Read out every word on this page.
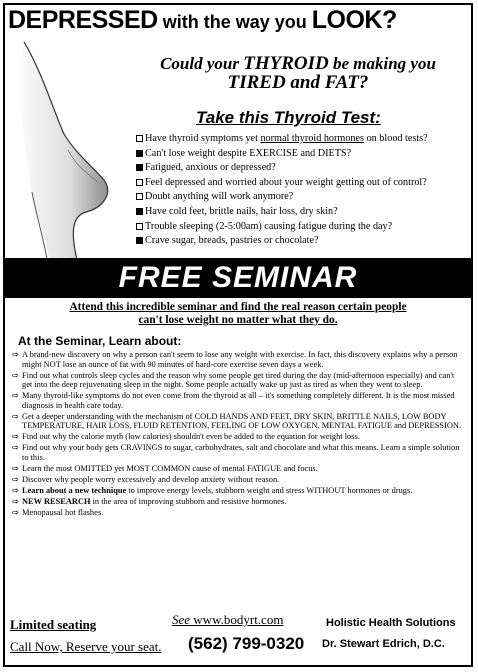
DEPRESSED with the way you LOOK?
Could your THYROID be making you
TIRED and FAT?
Take this Thyroid Test:
Have thyroid symptoms yet normal thyroid hormones on blood tests?
Can't lose weight despite EXERCISE and DIETS?
Fatigued, anxious or depressed?
Feel depressed and worried about your weight getting out of control?
Doubt anything will work anymore?
Have cold feet, brittle nails, hair loss, dry skin?
Trouble sleeping (2-5:00am) causing fatigue during the day?
Crave sugar, breads, pastries or chocolate?
FREE SEMINAR
Attend this incredible seminar and find the real reason certain people
can't lose weight no matter what they do.
At the Seminar, Learn about:
⇨ A brand-new discovery on why a person can't seem to lose any weight with exercise. In fact, this discovery explains why a person might NOT lose an ounce of fat with 90 minutes of hard-core exercise seven days a week.
⇨ Find out what controls sleep cycles and the reason why some people get tired during the day (mid-afternoon especially) and can't get into the deep rejuvenating sleep in the night. Some people actually wake up just as tired as when they went to sleep.
⇨ Many thyroid-like symptoms do not even come from the thyroid at all – it's something completely different. It is the most missed diagnosis in health care today.
⇨ Get a deeper understanding with the mechanism of COLD HANDS AND FEET, DRY SKIN, BRITTLE NAILS, LOW BODY TEMPERATURE, HAIR LOSS, FLUID RETENTION, FEELING OF LOW OXYGEN, MENTAL FATIGUE and DEPRESSION.
⇨ Find out why the calorie myth (low calories) shouldn't even be added to the equation for weight loss.
⇨ Find out why your body gets CRAVINGS to sugar, carbohydrates, salt and chocolate and what this means. Learn a simple solution to this.
⇨ Learn the most OMITTED yet MOST COMMON cause of mental FATIGUE and focus.
⇨ Discover why people worry excessively and develop anxiety without reason.
⇨ Learn about a new technique to improve energy levels, stubborn weight and stress WITHOUT hormones or drugs.
⇨ NEW RESEARCH in the area of improving stubborn and resistive hormones.
⇨ Menopausal hot flashes.
Limited seating
Call Now, Reserve your seat.
See www.bodyrt.com
(562) 799-0320
Holistic Health Solutions
Dr. Stewart Edrich, D.C.
